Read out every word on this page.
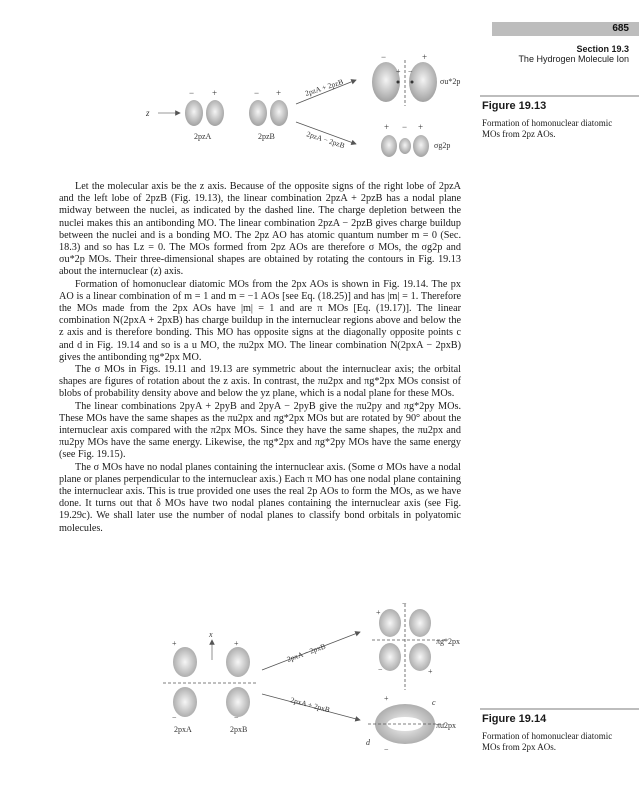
685
Section 19.3
The Hydrogen Molecule Ion
Figure 19.13
Formation of homonuclear diatomic MOs from 2pz AOs.
z
− +
2pzA
− +
2pzB
2pzA + 2pzB
2pzA − 2pzB
−	+
+ −
σu*2p
+ − +
σg2p

Let the molecular axis be the z axis. Because of the opposite signs of the right lobe of 2pzA and the left lobe of 2pzB (Fig. 19.13), the linear combination 2pzA + 2pzB has a nodal plane midway between the nuclei, as indicated by the dashed line. The charge depletion between the nuclei makes this an antibonding MO. The linear combination 2pzA − 2pzB gives charge buildup between the nuclei and is a bonding MO. The 2pz AO has atomic quantum number m = 0 (Sec. 18.3) and so has Lz = 0. The MOs formed from 2pz AOs are therefore σ MOs, the σg2p and σu*2p MOs. Their three-dimensional shapes are obtained by rotating the contours in Fig. 19.13 about the internuclear (z) axis.

Formation of homonuclear diatomic MOs from the 2px AOs is shown in Fig. 19.14. The px AO is a linear combination of m = 1 and m = −1 AOs [see Eq. (18.25)] and has |m| = 1. Therefore the MOs made from the 2px AOs have |m| = 1 and are π MOs [Eq. (19.17)]. The linear combination N(2pxA + 2pxB) has charge buildup in the internuclear regions above and below the z axis and is therefore bonding. This MO has opposite signs at the diagonally opposite points c and d in Fig. 19.14 and so is a u MO, the πu2px MO. The linear combination N(2pxA − 2pxB) gives the antibonding πg*2px MO.

The σ MOs in Figs. 19.11 and 19.13 are symmetric about the internuclear axis; the orbital shapes are figures of rotation about the z axis. In contrast, the πu2px and πg*2px MOs consist of blobs of probability density above and below the yz plane, which is a nodal plane for these MOs.

The linear combinations 2pyA + 2pyB and 2pyA − 2pyB give the πu2py and πg*2py MOs. These MOs have the same shapes as the πu2px and πg*2px MOs but are rotated by 90° about the internuclear axis compared with the π2px MOs. Since they have the same shapes, the πu2px and πu2py MOs have the same energy. Likewise, the πg*2px and πg*2py MOs have the same energy (see Fig. 19.15).

The σ MOs have no nodal planes containing the internuclear axis. (Some σ MOs have a nodal plane or planes perpendicular to the internuclear axis.) Each π MO has one nodal plane containing the internuclear axis. This is true provided one uses the real 2p AOs to form the MOs, as we have done. It turns out that δ MOs have two nodal planes containing the internuclear axis (see Fig. 19.29c). We shall later use the number of nodal planes to classify bond orbitals in polyatomic molecules.

x
+
−
2pxA
+
−
2pxB
2pxA − 2pxB
2pxA + 2pxB
−
+
−	+
πg*2px
+
−
c
d
πu2px
Figure 19.14
Formation of homonuclear diatomic MOs from 2px AOs.
